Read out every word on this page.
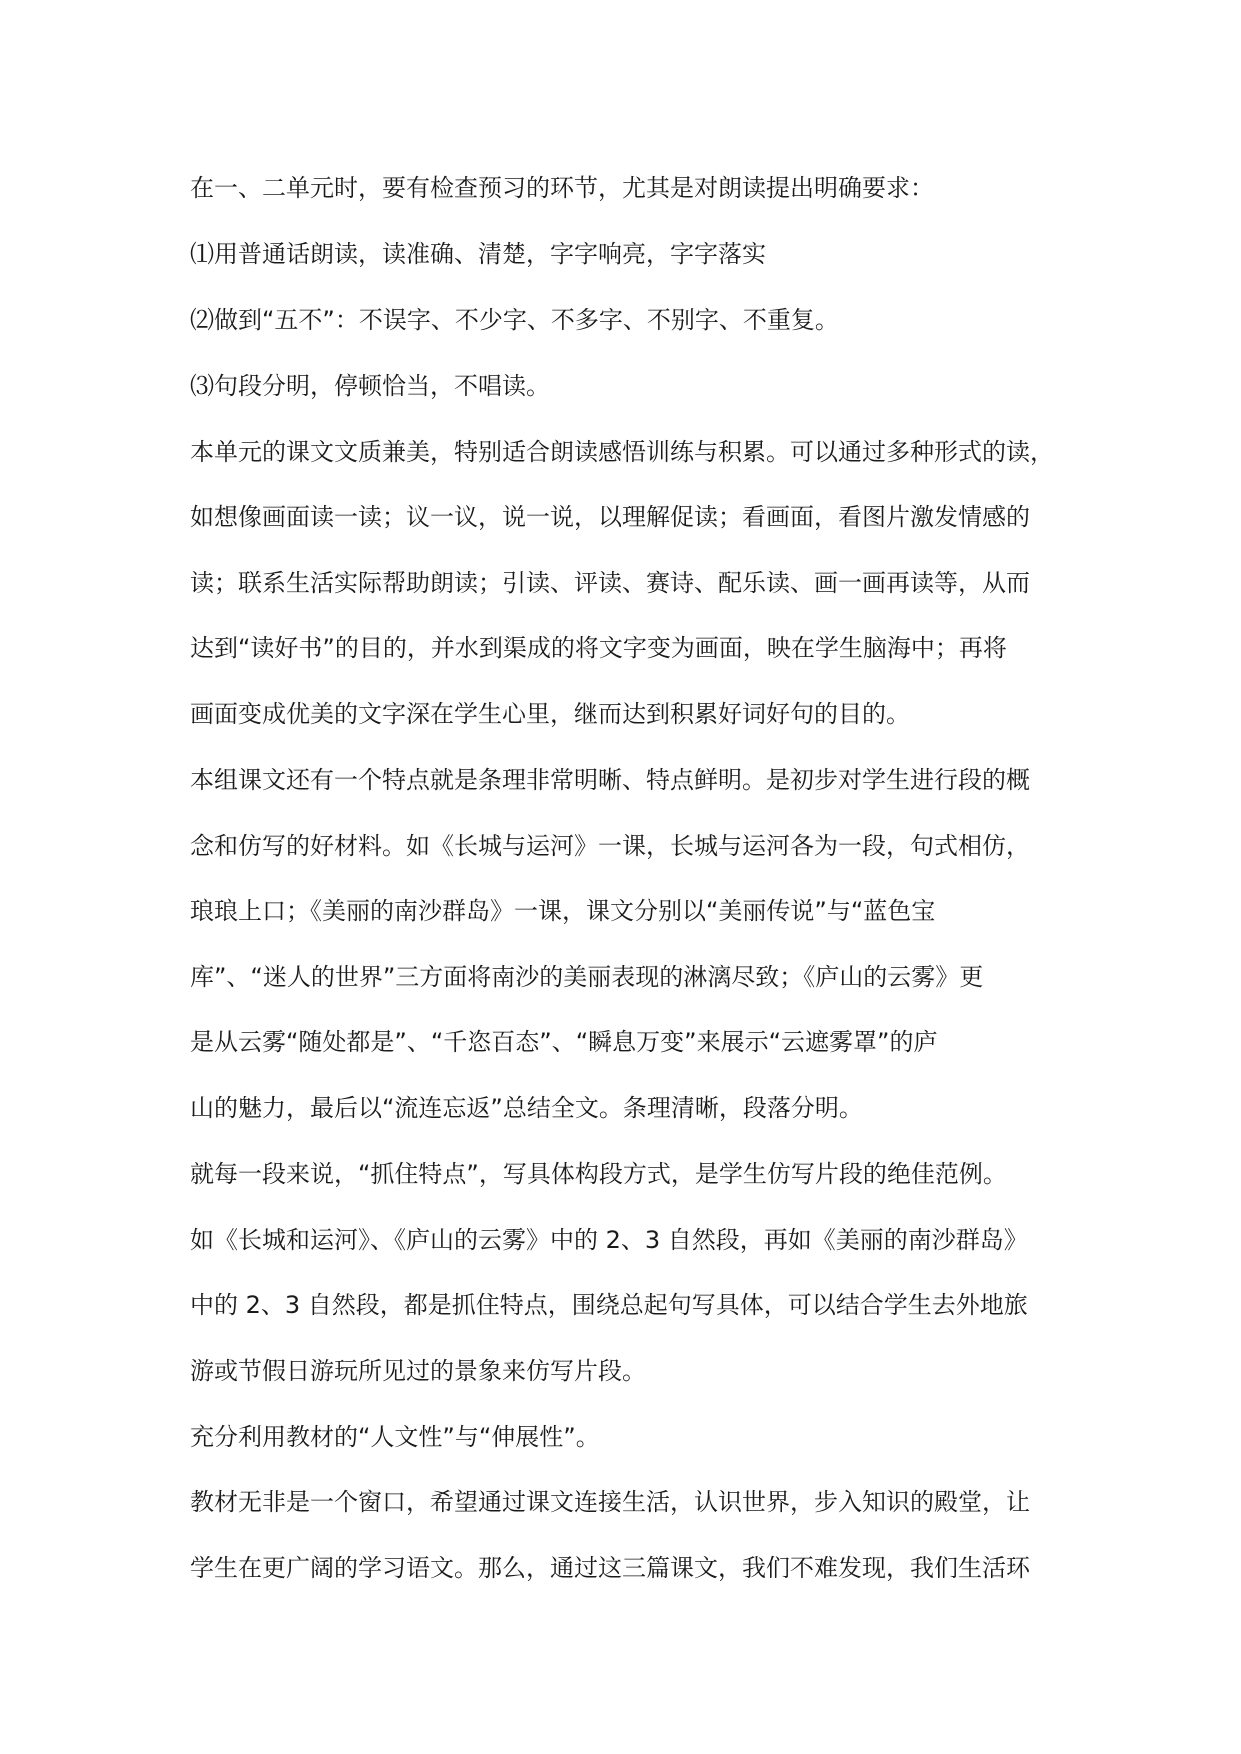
在一、二单元时，要有检查预习的环节，尤其是对朗读提出明确要求：
⑴用普通话朗读，读准确、清楚，字字响亮，字字落实
⑵做到“五不”：不误字、不少字、不多字、不别字、不重复。
⑶句段分明，停顿恰当，不唱读。
本单元的课文文质兼美，特别适合朗读感悟训练与积累。可以通过多种形式的读，
如想像画面读一读；议一议，说一说，以理解促读；看画面，看图片激发情感的
读；联系生活实际帮助朗读；引读、评读、赛诗、配乐读、画一画再读等，从而
达到“读好书”的目的，并水到渠成的将文字变为画面，映在学生脑海中；再将
画面变成优美的文字深在学生心里，继而达到积累好词好句的目的。
本组课文还有一个特点就是条理非常明晰、特点鲜明。是初步对学生进行段的概
念和仿写的好材料。如《长城与运河》一课，长城与运河各为一段，句式相仿，
琅琅上口；《美丽的南沙群岛》一课，课文分别以“美丽传说”与“蓝色宝
库”、“迷人的世界”三方面将南沙的美丽表现的淋漓尽致；《庐山的云雾》更
是从云雾“随处都是”、“千恣百态”、“瞬息万变”来展示“云遮雾罩”的庐
山的魅力，最后以“流连忘返”总结全文。条理清晰，段落分明。
就每一段来说，“抓住特点”，写具体构段方式，是学生仿写片段的绝佳范例。
如《长城和运河》、《庐山的云雾》中的 2、3 自然段，再如《美丽的南沙群岛》
中的 2、3 自然段，都是抓住特点，围绕总起句写具体，可以结合学生去外地旅
游或节假日游玩所见过的景象来仿写片段。
充分利用教材的“人文性”与“伸展性”。
教材无非是一个窗口，希望通过课文连接生活，认识世界，步入知识的殿堂，让
学生在更广阔的学习语文。那么，通过这三篇课文，我们不难发现，我们生活环
